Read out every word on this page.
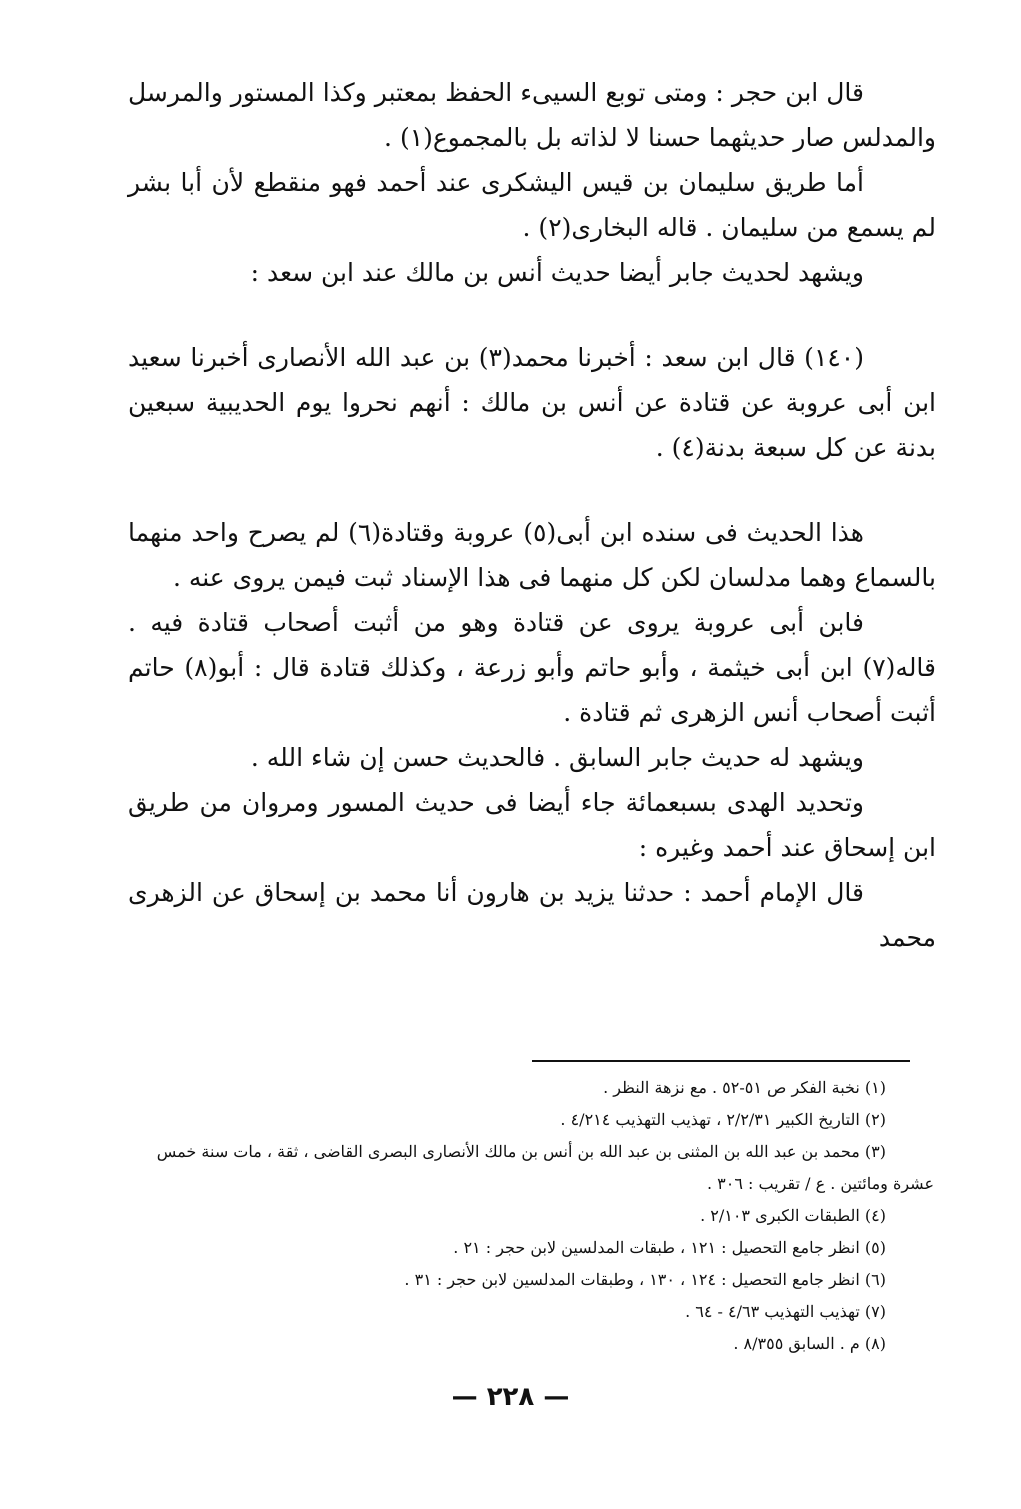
قال ابن حجر : ومتى توبع السيىء الحفظ بمعتبر وكذا المستور والمرسل والمدلس صار حديثهما حسنا لا لذاته بل بالمجموع(١) .

أما طريق سليمان بن قيس اليشكرى عند أحمد فهو منقطع لأن أبا بشر لم يسمع من سليمان . قاله البخارى(٢) .

ويشهد لحديث جابر أيضا حديث أنس بن مالك عند ابن سعد :

(١٤٠) قال ابن سعد : أخبرنا محمد(٣) بن عبد الله الأنصارى أخبرنا سعيد ابن أبى عروبة عن قتادة عن أنس بن مالك : أنهم نحروا يوم الحديبية سبعين بدنة عن كل سبعة بدنة(٤) .

هذا الحديث فى سنده ابن أبى(٥) عروبة وقتادة(٦) لم يصرح واحد منهما بالسماع وهما مدلسان لكن كل منهما فى هذا الإسناد ثبت فيمن يروى عنه .

فابن أبى عروبة يروى عن قتادة وهو من أثبت أصحاب قتادة فيه . قاله(٧) ابن أبى خيثمة ، وأبو حاتم وأبو زرعة ، وكذلك قتادة قال : أبو(٨) حاتم أثبت أصحاب أنس الزهرى ثم قتادة .

ويشهد له حديث جابر السابق . فالحديث حسن إن شاء الله .

وتحديد الهدى بسبعمائة جاء أيضا فى حديث المسور ومروان من طريق ابن إسحاق عند أحمد وغيره :

قال الإمام أحمد : حدثنا يزيد بن هارون أنا محمد بن إسحاق عن الزهرى محمد

(١) نخبة الفكر ص ٥١-٥٢ . مع نزهة النظر .

(٢) التاريخ الكبير ٢/٢/٣١ ، تهذيب التهذيب ٤/٢١٤ .

(٣) محمد بن عبد الله بن المثنى بن عبد الله بن أنس بن مالك الأنصارى البصرى القاضى ، ثقة ، مات سنة خمس

عشرة ومائتين . ع / تقريب : ٣٠٦ .

(٤) الطبقات الكبرى ٢/١٠٣ .

(٥) انظر جامع التحصيل : ١٢١ ، طبقات المدلسين لابن حجر : ٢١ .

(٦) انظر جامع التحصيل : ١٢٤ ، ١٣٠ ، وطبقات المدلسين لابن حجر : ٣١ .

(٧) تهذيب التهذيب ٤/٦٣ - ٦٤ .

(٨) م . السابق ٨/٣٥٥ .

— ٢٢٨ —
